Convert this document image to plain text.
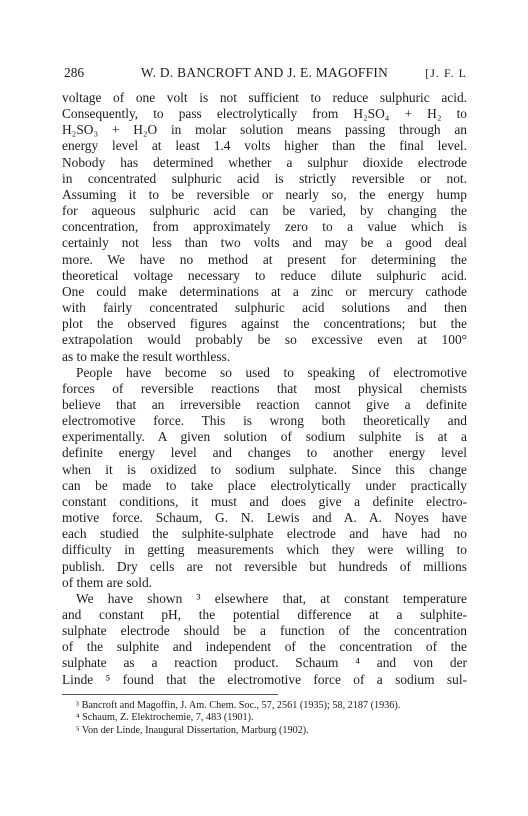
286	W. D. BANCROFT AND J. E. MAGOFFIN	[J. F. L

voltage of one volt is not sufficient to reduce sulphuric acid.

Consequently, to pass electrolytically from H₂SO₄ + H₂ to

H₂SO₃ + H₂O in molar solution means passing through an

energy level at least 1.4 volts higher than the final level.

Nobody has determined whether a sulphur dioxide electrode

in concentrated sulphuric acid is strictly reversible or not.

Assuming it to be reversible or nearly so, the energy hump

for aqueous sulphuric acid can be varied, by changing the

concentration, from approximately zero to a value which is

certainly not less than two volts and may be a good deal

more. We have no method at present for determining the

theoretical voltage necessary to reduce dilute sulphuric acid.

One could make determinations at a zinc or mercury cathode

with fairly concentrated sulphuric acid solutions and then

plot the observed figures against the concentrations; but the

extrapolation would probably be so excessive even at 100°

as to make the result worthless.

People have become so used to speaking of electromotive

forces of reversible reactions that most physical chemists

believe that an irreversible reaction cannot give a definite

electromotive force. This is wrong both theoretically and

experimentally. A given solution of sodium sulphite is at a

definite energy level and changes to another energy level

when it is oxidized to sodium sulphate. Since this change

can be made to take place electrolytically under practically

constant conditions, it must and does give a definite electro-

motive force. Schaum, G. N. Lewis and A. A. Noyes have

each studied the sulphite-sulphate electrode and have had no

difficulty in getting measurements which they were willing to

publish. Dry cells are not reversible but hundreds of millions

of them are sold.

We have shown ³ elsewhere that, at constant temperature

and constant pH, the potential difference at a sulphite-

sulphate electrode should be a function of the concentration

of the sulphite and independent of the concentration of the

sulphate as a reaction product. Schaum ⁴ and von der

Linde ⁵ found that the electromotive force of a sodium sul-

³ Bancroft and Magoffin, J. Am. Chem. Soc., 57, 2561 (1935); 58, 2187 (1936).

⁴ Schaum, Z. Elektrochemie, 7, 483 (1901).

⁵ Von der Linde, Inaugural Dissertation, Marburg (1902).
